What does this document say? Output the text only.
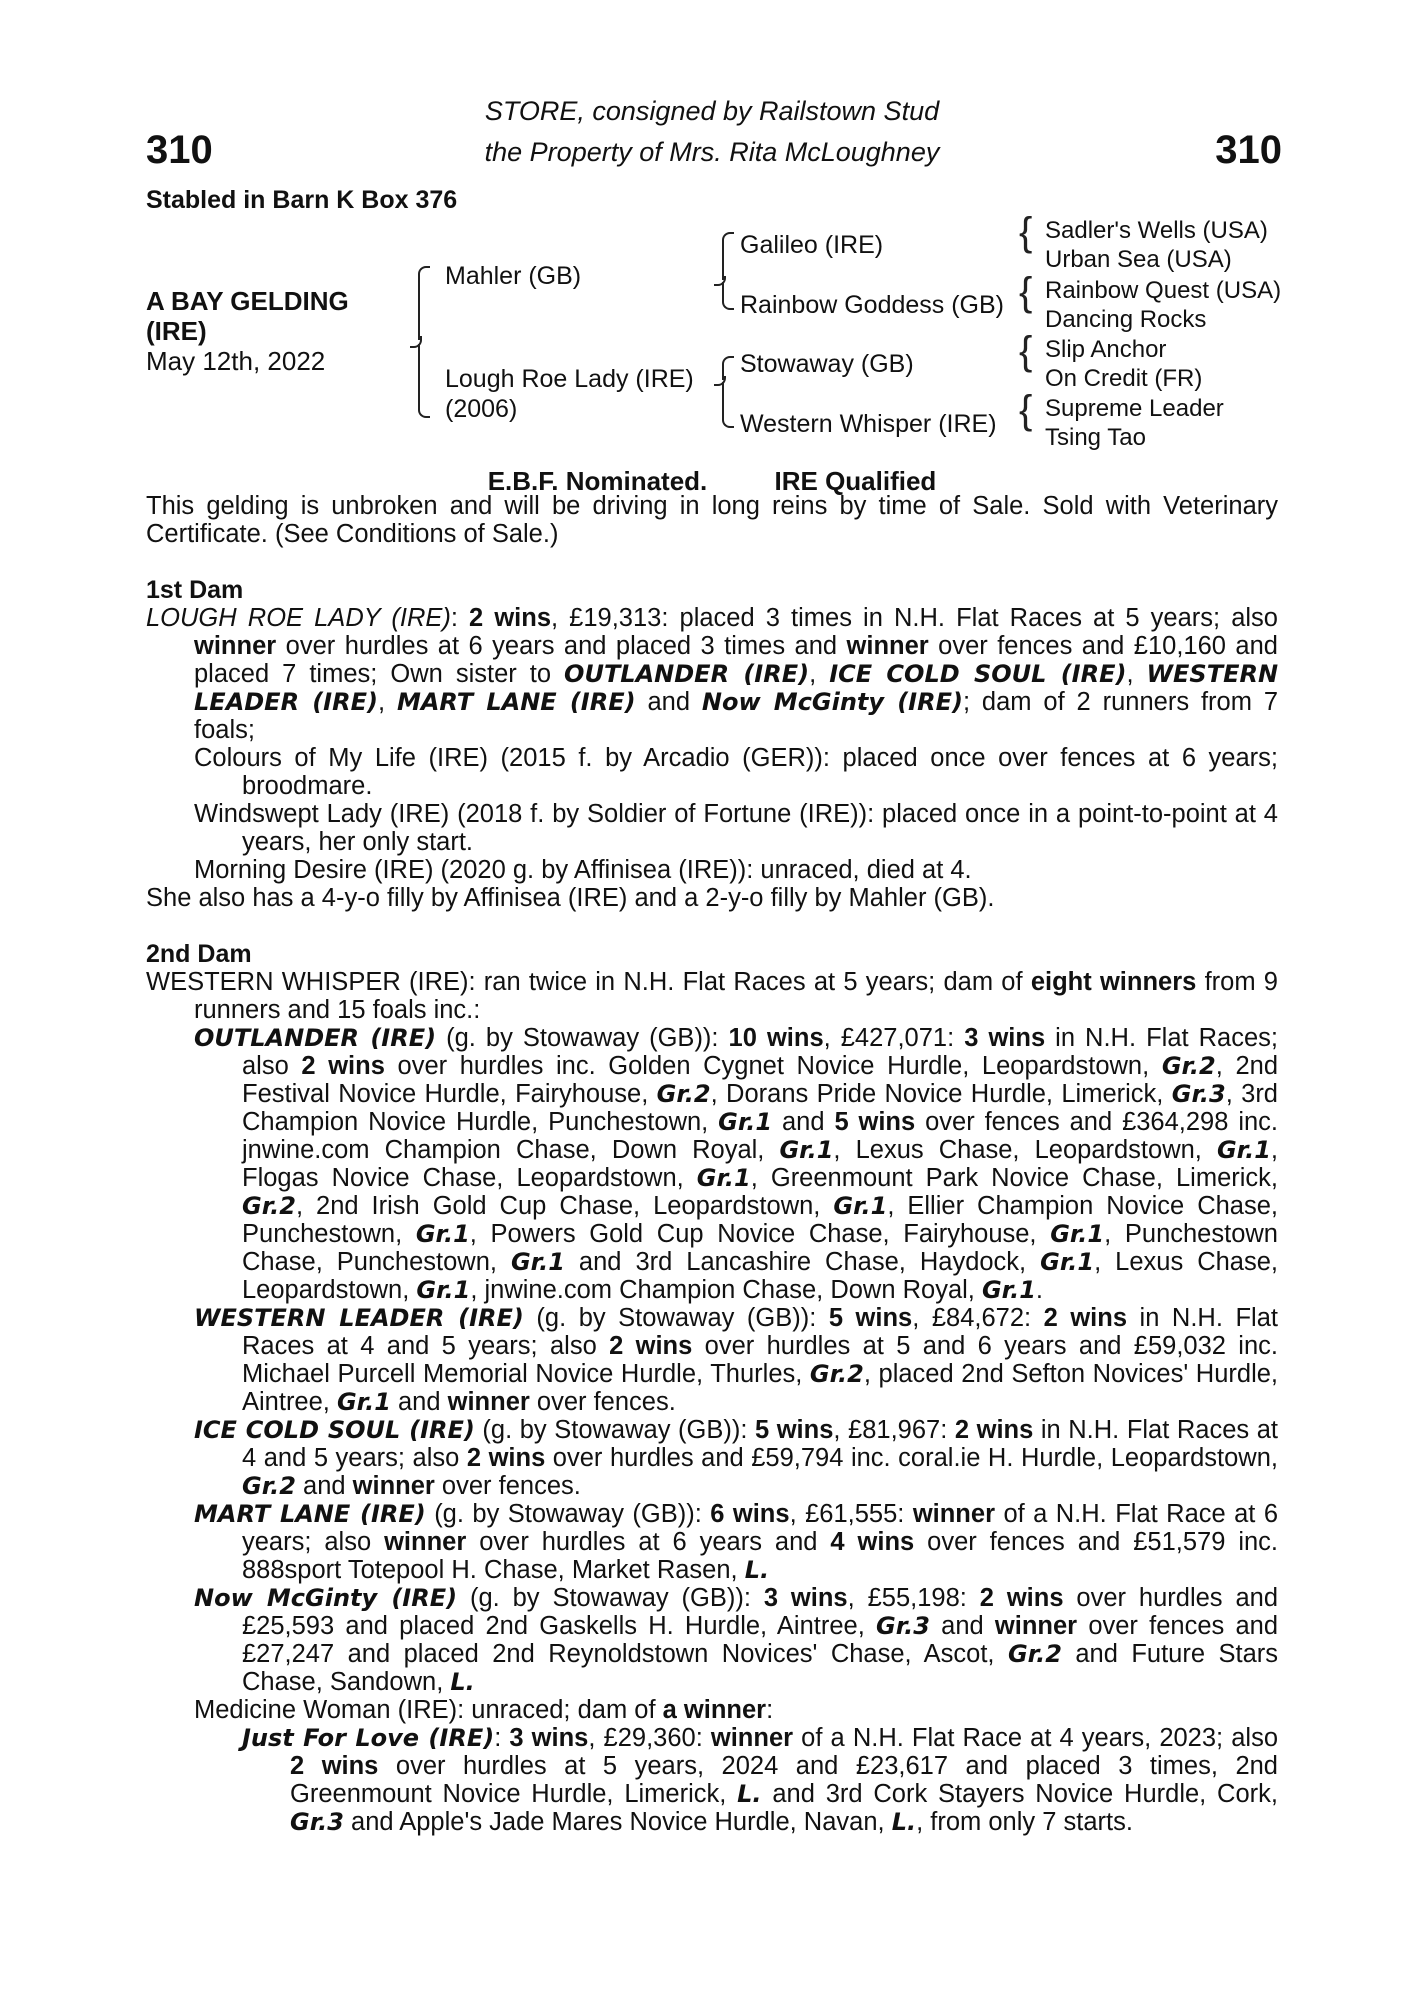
310	310
STORE, consigned by Railstown Stud
the Property of Mrs. Rita McLoughney
Stabled in Barn K Box 376
A BAY GELDING
(IRE)
May 12th, 2022
Mahler (GB)
Lough Roe Lady (IRE)
(2006)
Galileo (IRE)
Rainbow Goddess (GB)
Stowaway (GB)
Western Whisper (IRE)
{
{
{
{
Sadler's Wells (USA)
Urban Sea (USA)
Rainbow Quest (USA)
Dancing Rocks
Slip Anchor
On Credit (FR)
Supreme Leader
Tsing Tao
E.B.F. Nominated.	IRE Qualified
This gelding is unbroken and will be driving in long reins by time of Sale. Sold with Veterinary Certificate. (See Conditions of Sale.)

1st Dam

LOUGH ROE LADY (IRE): 2 wins, £19,313: placed 3 times in N.H. Flat Races at 5 years; also winner over hurdles at 6 years and placed 3 times and winner over fences and £10,160 and placed 7 times; Own sister to OUTLANDER (IRE), ICE COLD SOUL (IRE), WESTERN LEADER (IRE), MART LANE (IRE) and Now McGinty (IRE); dam of 2 runners from 7 foals;

Colours of My Life (IRE) (2015 f. by Arcadio (GER)): placed once over fences at 6 years; broodmare.

Windswept Lady (IRE) (2018 f. by Soldier of Fortune (IRE)): placed once in a point-to-point at 4 years, her only start.

Morning Desire (IRE) (2020 g. by Affinisea (IRE)): unraced, died at 4.

She also has a 4-y-o filly by Affinisea (IRE) and a 2-y-o filly by Mahler (GB).

2nd Dam

WESTERN WHISPER (IRE): ran twice in N.H. Flat Races at 5 years; dam of eight winners from 9 runners and 15 foals inc.:

OUTLANDER (IRE) (g. by Stowaway (GB)): 10 wins, £427,071: 3 wins in N.H. Flat Races; also 2 wins over hurdles inc. Golden Cygnet Novice Hurdle, Leopardstown, Gr.2, 2nd Festival Novice Hurdle, Fairyhouse, Gr.2, Dorans Pride Novice Hurdle, Limerick, Gr.3, 3rd Champion Novice Hurdle, Punchestown, Gr.1 and 5 wins over fences and £364,298 inc. jnwine.com Champion Chase, Down Royal, Gr.1, Lexus Chase, Leopardstown, Gr.1, Flogas Novice Chase, Leopardstown, Gr.1, Greenmount Park Novice Chase, Limerick, Gr.2, 2nd Irish Gold Cup Chase, Leopardstown, Gr.1, Ellier Champion Novice Chase, Punchestown, Gr.1, Powers Gold Cup Novice Chase, Fairyhouse, Gr.1, Punchestown Chase, Punchestown, Gr.1 and 3rd Lancashire Chase, Haydock, Gr.1, Lexus Chase, Leopardstown, Gr.1, jnwine.com Champion Chase, Down Royal, Gr.1.

WESTERN LEADER (IRE) (g. by Stowaway (GB)): 5 wins, £84,672: 2 wins in N.H. Flat Races at 4 and 5 years; also 2 wins over hurdles at 5 and 6 years and £59,032 inc. Michael Purcell Memorial Novice Hurdle, Thurles, Gr.2, placed 2nd Sefton Novices' Hurdle, Aintree, Gr.1 and winner over fences.

ICE COLD SOUL (IRE) (g. by Stowaway (GB)): 5 wins, £81,967: 2 wins in N.H. Flat Races at 4 and 5 years; also 2 wins over hurdles and £59,794 inc. coral.ie H. Hurdle, Leopardstown, Gr.2 and winner over fences.

MART LANE (IRE) (g. by Stowaway (GB)): 6 wins, £61,555: winner of a N.H. Flat Race at 6 years; also winner over hurdles at 6 years and 4 wins over fences and £51,579 inc. 888sport Totepool H. Chase, Market Rasen, L.

Now McGinty (IRE) (g. by Stowaway (GB)): 3 wins, £55,198: 2 wins over hurdles and £25,593 and placed 2nd Gaskells H. Hurdle, Aintree, Gr.3 and winner over fences and £27,247 and placed 2nd Reynoldstown Novices' Chase, Ascot, Gr.2 and Future Stars Chase, Sandown, L.

Medicine Woman (IRE): unraced; dam of a winner:

Just For Love (IRE): 3 wins, £29,360: winner of a N.H. Flat Race at 4 years, 2023; also 2 wins over hurdles at 5 years, 2024 and £23,617 and placed 3 times, 2nd Greenmount Novice Hurdle, Limerick, L. and 3rd Cork Stayers Novice Hurdle, Cork, Gr.3 and Apple's Jade Mares Novice Hurdle, Navan, L., from only 7 starts.
